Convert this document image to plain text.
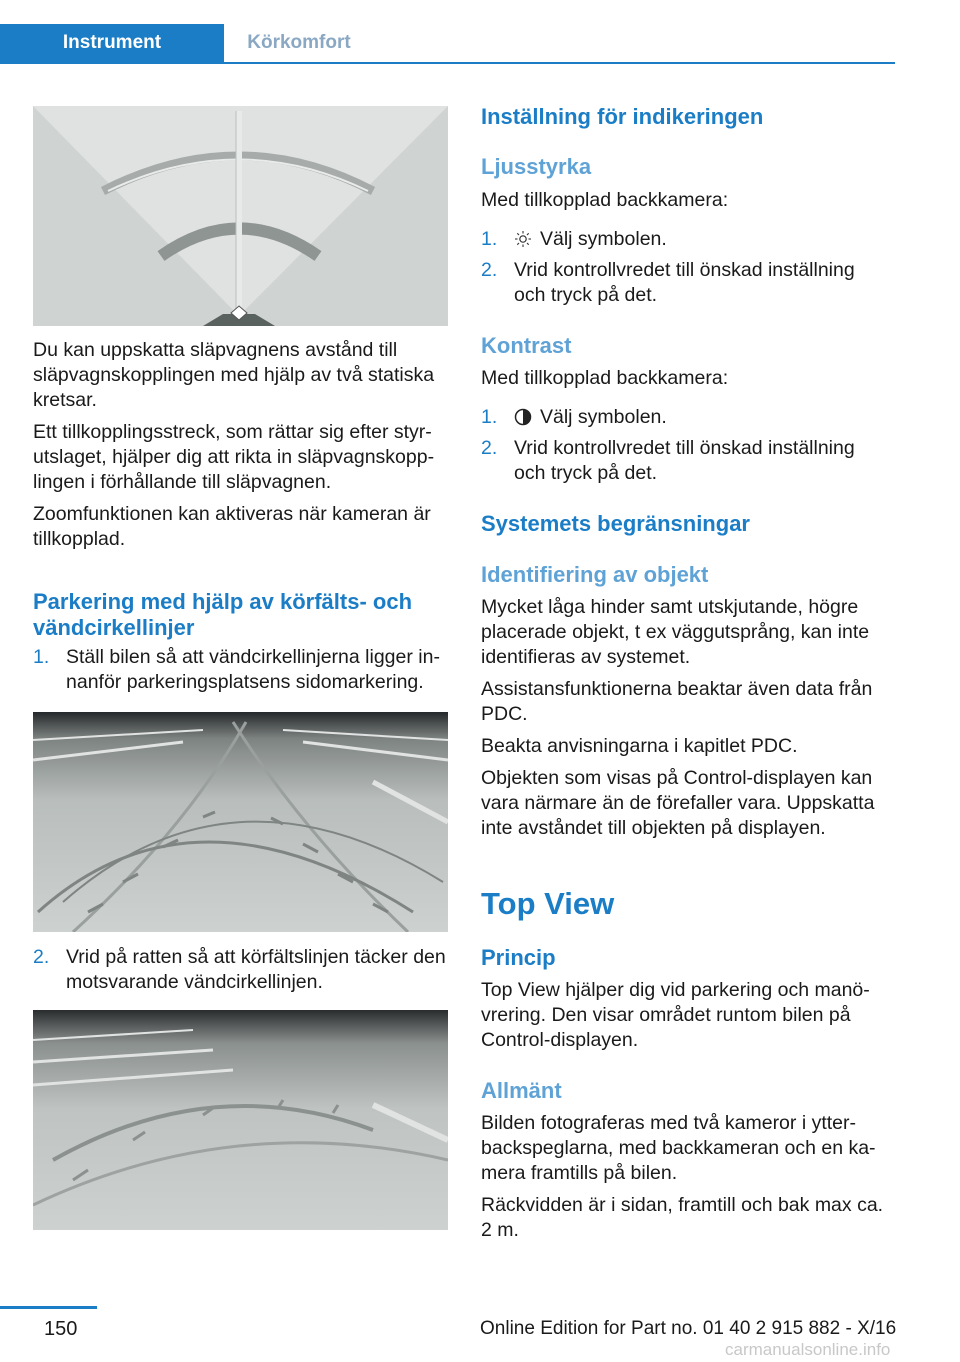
Instrument	Körkomfort

Du kan uppskatta släpvagnens avstånd till släpvagnskopplingen med hjälp av två statiska kretsar.

Ett tillkopplingsstreck, som rättar sig efter styr-utslaget, hjälper dig att rikta in släpvagnskopp-lingen i förhållande till släpvagnen.

Zoomfunktionen kan aktiveras när kameran är tillkopplad.

Parkering med hjälp av körfälts- och vändcirkellinjer
1. Ställ bilen så att vändcirkellinjerna ligger in-nanför parkeringsplatsens sidomarkering.
2. Vrid på ratten så att körfältslinjen täcker den motsvarande vändcirkellinjen.
Inställning för indikeringen
Ljusstyrka

Med tillkopplad backkamera:

1.	Välj symbolen.
2. Vrid kontrollvredet till önskad inställning och tryck på det.
Kontrast

Med tillkopplad backkamera:

1.	Välj symbolen.
2. Vrid kontrollvredet till önskad inställning och tryck på det.
Systemets begränsningar
Identifiering av objekt

Mycket låga hinder samt utskjutande, högre placerade objekt, t ex väggutsprång, kan inte identifieras av systemet.

Assistansfunktionerna beaktar även data från PDC.

Beakta anvisningarna i kapitlet PDC.

Objekten som visas på Control-displayen kan vara närmare än de förefaller vara. Uppskatta inte avståndet till objekten på displayen.

Top View
Princip

Top View hjälper dig vid parkering och manö-vrering. Den visar området runtom bilen på Control-displayen.

Allmänt

Bilden fotograferas med två kameror i ytter-backspeglarna, med backkameran och en ka-mera framtills på bilen.

Räckvidden är i sidan, framtill och bak max ca. 2 m.

150	Online Edition for Part no. 01 40 2 915 882 - X/16
carmanualsonline.info
